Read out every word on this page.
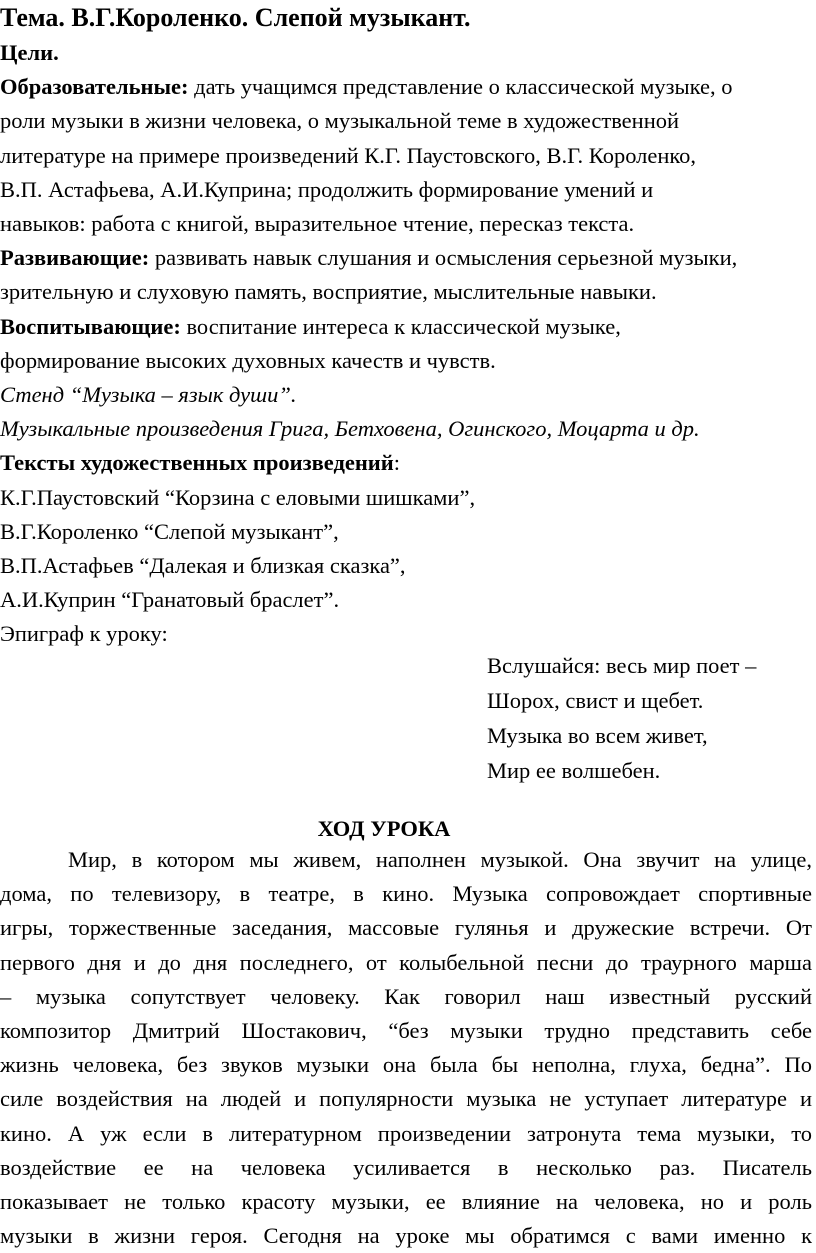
Тема. В.Г.Короленко. Слепой музыкант.
Цели.
Образовательные: дать учащимся представление о классической музыке, о
роли музыки в жизни человека, о музыкальной теме в художественной
литературе на примере произведений К.Г. Паустовского, В.Г. Короленко,
В.П. Астафьева, А.И.Куприна; продолжить формирование умений и
навыков: работа с книгой, выразительное чтение, пересказ текста.
Развивающие: развивать навык слушания и осмысления серьезной музыки,
зрительную и слуховую память, восприятие, мыслительные навыки.
Воспитывающие: воспитание интереса к классической музыке,
формирование высоких духовных качеств и чувств.
Стенд “Музыка – язык души”.
Музыкальные произведения Грига, Бетховена, Огинского, Моцарта и др.
Тексты художественных произведений:
К.Г.Паустовский “Корзина с еловыми шишками”,
В.Г.Короленко “Слепой музыкант”,
В.П.Астафьев “Далекая и близкая сказка”,
А.И.Куприн “Гранатовый браслет”.
Эпиграф к уроку:
Вслушайся: весь мир поет –
Шорох, свист и щебет.
Музыка во всем живет,
Мир ее волшебен.
ХОД УРОКА
Мир, в котором мы живем, наполнен музыкой. Она звучит на улице,
дома, по телевизору, в театре, в кино. Музыка сопровождает спортивные
игры, торжественные заседания, массовые гулянья и дружеские встречи. От
первого дня и до дня последнего, от колыбельной песни до траурного марша
– музыка сопутствует человеку. Как говорил наш известный русский
композитор Дмитрий Шостакович, “без музыки трудно представить себе
жизнь человека, без звуков музыки она была бы неполна, глуха, бедна”. По
силе воздействия на людей и популярности музыка не уступает литературе и
кино. А уж если в литературном произведении затронута тема музыки, то
воздействие ее на человека усиливается в несколько раз. Писатель
показывает не только красоту музыки, ее влияние на человека, но и роль
музыки в жизни героя. Сегодня на уроке мы обратимся с вами именно к
